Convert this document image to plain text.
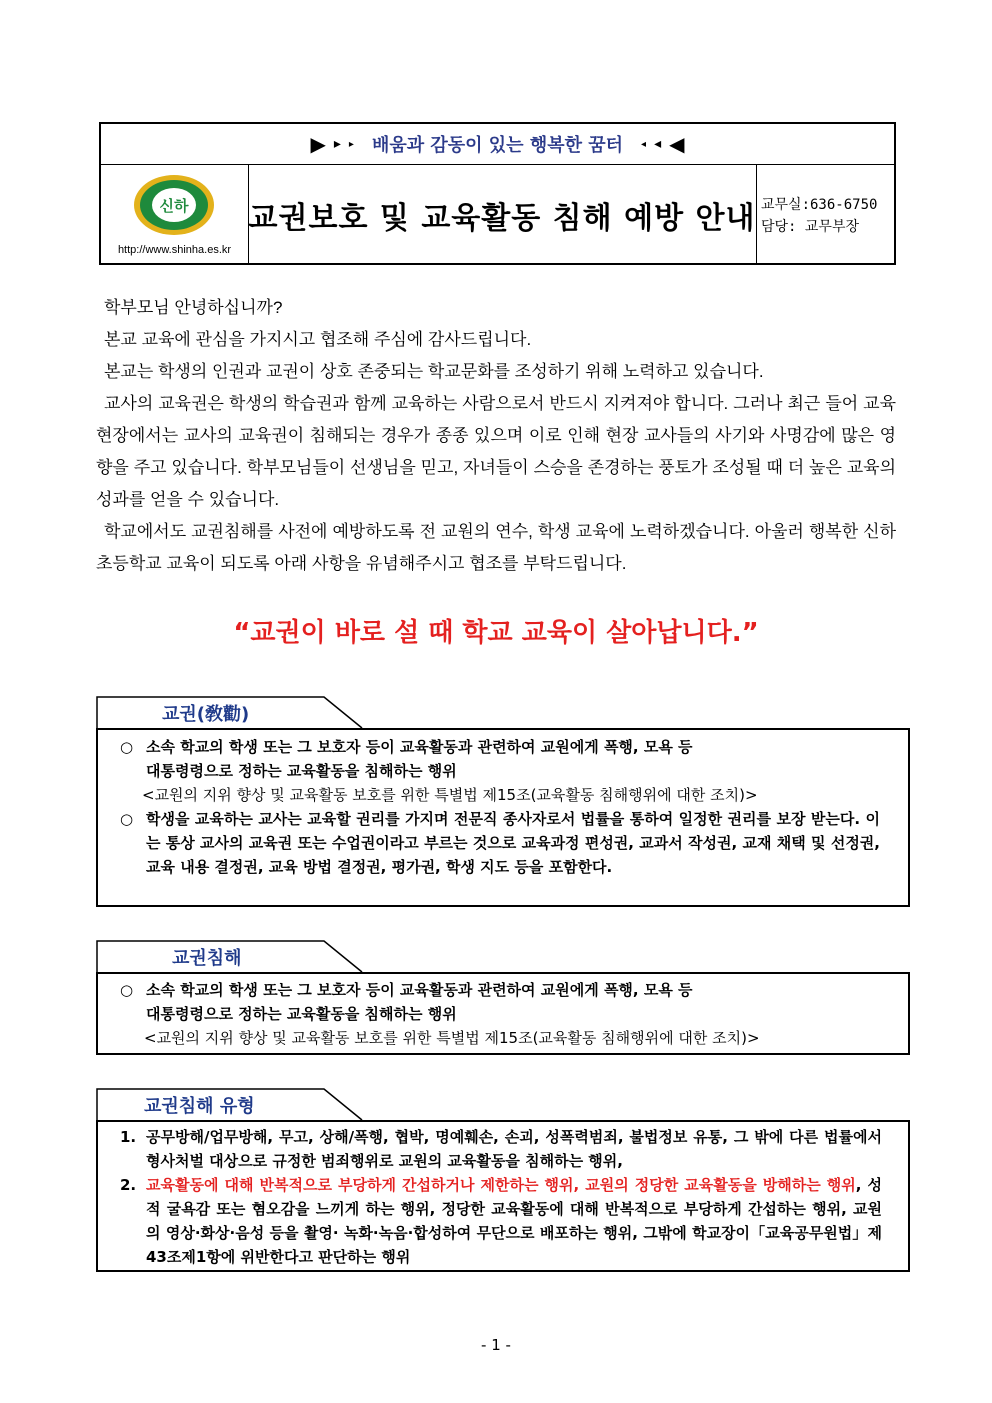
▶ ▸ ▸ 배움과 감동이 있는 행복한 꿈터 ◂ ◂ ◀
신하
http://www.shinha.es.kr
교권보호 및 교육활동 침해 예방 안내 교무실:636-6750
담당: 교무부장

학부모님 안녕하십니까?

본교 교육에 관심을 가지시고 협조해 주심에 감사드립니다.

본교는 학생의 인권과 교권이 상호 존중되는 학교문화를 조성하기 위해 노력하고 있습니다.

교사의 교육권은 학생의 학습권과 함께 교육하는 사람으로서 반드시 지켜져야 합니다. 그러나 최근 들어 교육현장에서는 교사의 교육권이 침해되는 경우가 종종 있으며 이로 인해 현장 교사들의 사기와 사명감에 많은 영향을 주고 있습니다. 학부모님들이 선생님을 믿고, 자녀들이 스승을 존경하는 풍토가 조성될 때 더 높은 교육의 성과를 얻을 수 있습니다.

학교에서도 교권침해를 사전에 예방하도록 전 교원의 연수, 학생 교육에 노력하겠습니다. 아울러 행복한 신하초등학교 교육이 되도록 아래 사항을 유념해주시고 협조를 부탁드립니다.

“교권이 바로 설 때 학교 교육이 살아납니다.”
교권(敎勸)
○ 소속 학교의 학생 또는 그 보호자 등이 교육활동과 관련하여 교원에게 폭행, 모욕 등
대통령령으로 정하는 교육활동을 침해하는 행위
<교원의 지위 향상 및 교육활동 보호를 위한 특별법 제15조(교육활동 침해행위에 대한 조치)>
○ 학생을 교육하는 교사는 교육할 권리를 가지며 전문직 종사자로서 법률을 통하여 일정한 권리를 보장 받는다. 이는 통상 교사의 교육권 또는 수업권이라고 부르는 것으로 교육과정 편성권, 교과서 작성권, 교재 채택 및 선정권, 교육 내용 결정권, 교육 방법 결정권, 평가권, 학생 지도 등을 포함한다.
교권침해
○ 소속 학교의 학생 또는 그 보호자 등이 교육활동과 관련하여 교원에게 폭행, 모욕 등
대통령령으로 정하는 교육활동을 침해하는 행위
<교원의 지위 향상 및 교육활동 보호를 위한 특별법 제15조(교육활동 침해행위에 대한 조치)>
교권침해 유형
1. 공무방해/업무방해, 무고, 상해/폭행, 협박, 명예훼손, 손괴, 성폭력범죄, 불법정보 유통, 그 밖에 다른 법률에서 형사처벌 대상으로 규정한 범죄행위로 교원의 교육활동을 침해하는 행위,
2. 교육활동에 대해 반복적으로 부당하게 간섭하거나 제한하는 행위, 교원의 정당한 교육활동을 방해하는 행위, 성적 굴욕감 또는 혐오감을 느끼게 하는 행위, 정당한 교육활동에 대해 반복적으로 부당하게 간섭하는 행위, 교원의 영상·화상·음성 등을 촬영· 녹화·녹음·합성하여 무단으로 배포하는 행위, 그밖에 학교장이「교육공무원법」제43조제1항에 위반한다고 판단하는 행위
- 1 -
